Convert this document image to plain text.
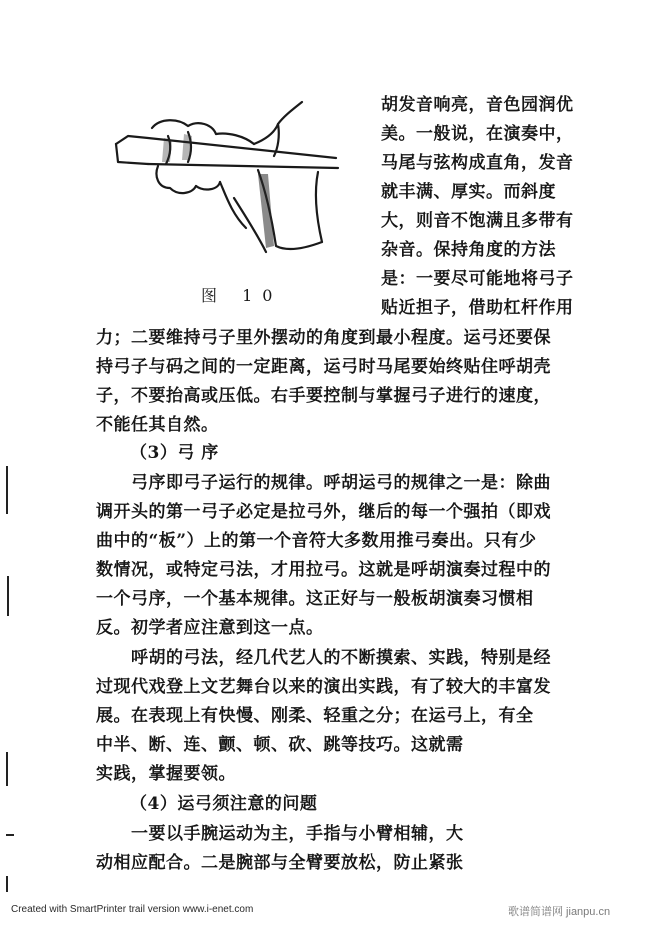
图 10
胡发音响亮，音色园润优
美。一般说，在演奏中，
马尾与弦构成直角，发音
就丰满、厚实。而斜度
大，则音不饱满且多带有
杂音。保持角度的方法
是：一要尽可能地将弓子
贴近担子，借助杠杆作用
力；二要维持弓子里外摆动的角度到最小程度。运弓还要保
持弓子与码之间的一定距离，运弓时马尾要始终贴住呼胡壳
子，不要抬高或压低。右手要控制与掌握弓子进行的速度，
不能任其自然。
（3）弓 序
弓序即弓子运行的规律。呼胡运弓的规律之一是：除曲
调开头的第一弓子必定是拉弓外，继后的每一个强拍（即戏
曲中的“板”）上的第一个音符大多数用推弓奏出。只有少
数情况，或特定弓法，才用拉弓。这就是呼胡演奏过程中的
一个弓序，一个基本规律。这正好与一般板胡演奏习惯相
反。初学者应注意到这一点。
呼胡的弓法，经几代艺人的不断摸索、实践，特别是经
过现代戏登上文艺舞台以来的演出实践，有了较大的丰富发
展。在表现上有快慢、刚柔、轻重之分；在运弓上，有全
中半、断、连、颤、顿、砍、跳等技巧。这就需
实践，掌握要领。
（4）运弓须注意的问题
一要以手腕运动为主，手指与小臂相辅，大
动相应配合。二是腕部与全臂要放松，防止紧张
Created with SmartPrinter trail version www.i-enet.com	歌谱简谱网 jianpu.cn
